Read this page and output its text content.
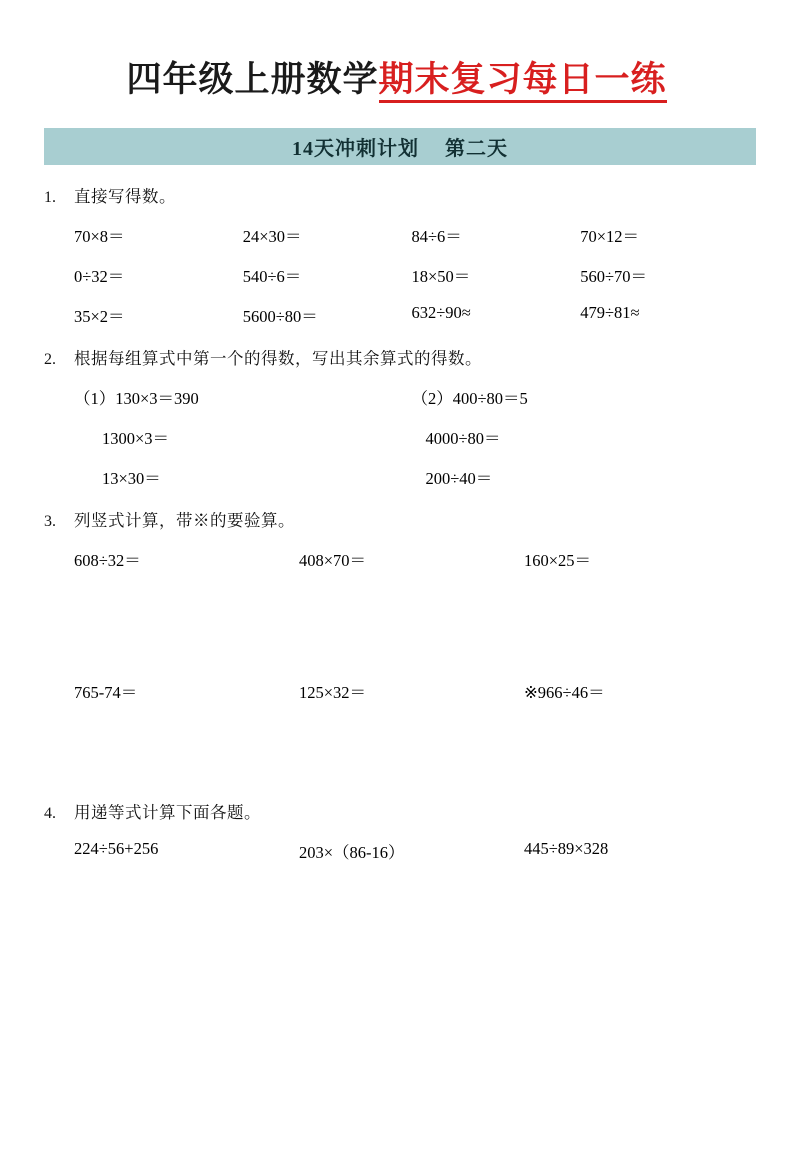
四年级上册数学期末复习每日一练
14天冲刺计划 第二天
1.	直接写得数。
70×8＝	24×30＝	84÷6＝	70×12＝
0÷32＝	540÷6＝	18×50＝	560÷70＝
35×2＝	5600÷80＝	632÷90≈	479÷81≈
2.	根据每组算式中第一个的得数，写出其余算式的得数。
（1）130×3＝390	（2）400÷80＝5
1300×3＝	4000÷80＝
13×30＝	200÷40＝
3.	列竖式计算，带※的要验算。
608÷32＝	408×70＝	160×25＝
765-74＝	125×32＝	※966÷46＝
4.	用递等式计算下面各题。
224÷56+256	203×（86-16）	445÷89×328
